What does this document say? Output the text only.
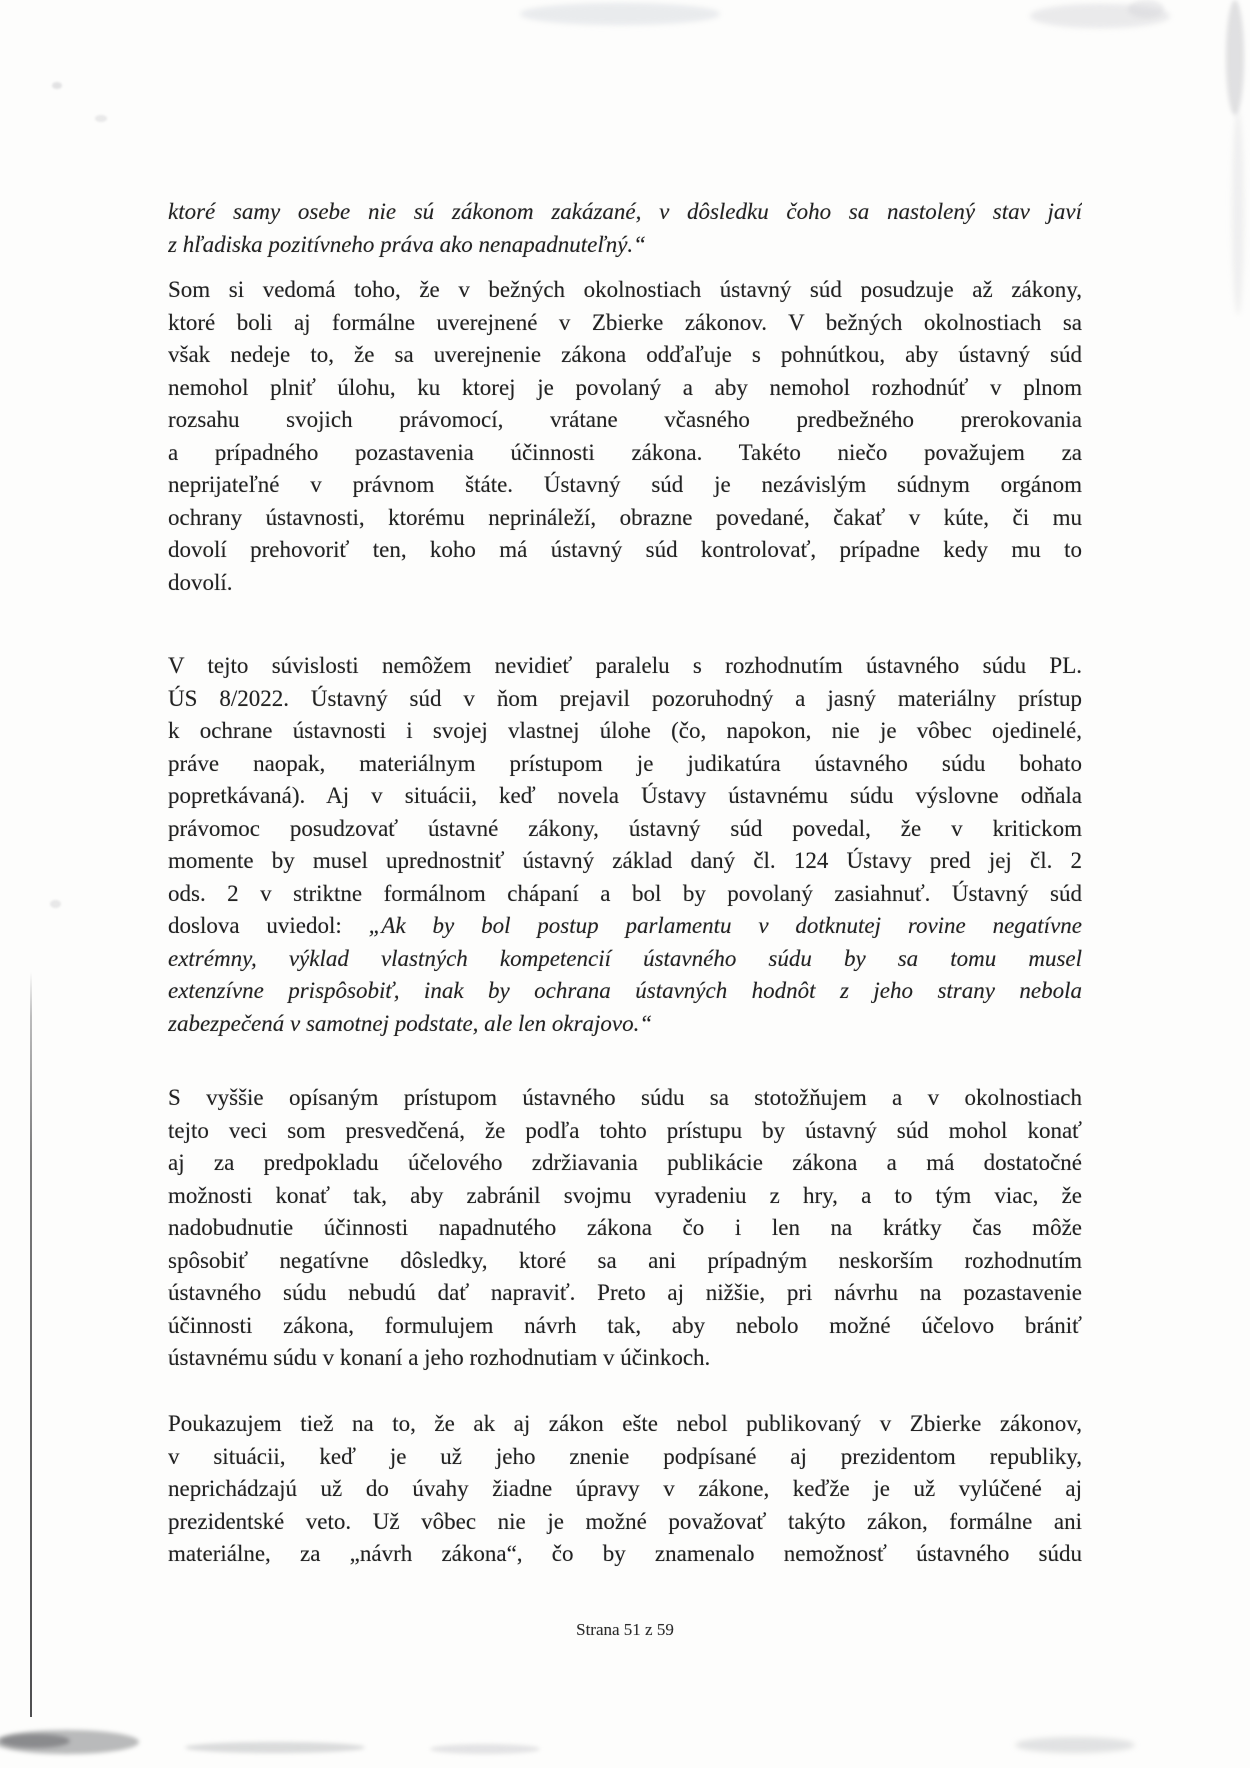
ktoré samy osebe nie sú zákonom zakázané, v dôsledku čoho sa nastolený stav javí
z hľadiska pozitívneho práva ako nenapadnuteľný.“
Som si vedomá toho, že v bežných okolnostiach ústavný súd posudzuje až zákony,
ktoré boli aj formálne uverejnené v Zbierke zákonov. V bežných okolnostiach sa
však nedeje to, že sa uverejnenie zákona odďaľuje s pohnútkou, aby ústavný súd
nemohol plniť úlohu, ku ktorej je povolaný a aby nemohol rozhodnúť v plnom
rozsahu svojich právomocí, vrátane včasného predbežného prerokovania
a prípadného pozastavenia účinnosti zákona. Takéto niečo považujem za
neprijateľné v právnom štáte. Ústavný súd je nezávislým súdnym orgánom
ochrany ústavnosti, ktorému neprináleží, obrazne povedané, čakať v kúte, či mu
dovolí prehovoriť ten, koho má ústavný súd kontrolovať, prípadne kedy mu to
dovolí.
V tejto súvislosti nemôžem nevidieť paralelu s rozhodnutím ústavného súdu PL.
ÚS 8/2022. Ústavný súd v ňom prejavil pozoruhodný a jasný materiálny prístup
k ochrane ústavnosti i svojej vlastnej úlohe (čo, napokon, nie je vôbec ojedinelé,
práve naopak, materiálnym prístupom je judikatúra ústavného súdu bohato
popretkávaná). Aj v situácii, keď novela Ústavy ústavnému súdu výslovne odňala
právomoc posudzovať ústavné zákony, ústavný súd povedal, že v kritickom
momente by musel uprednostniť ústavný základ daný čl. 124 Ústavy pred jej čl. 2
ods. 2 v striktne formálnom chápaní a bol by povolaný zasiahnuť. Ústavný súd
doslova uviedol: „Ak by bol postup parlamentu v dotknutej rovine negatívne
extrémny, výklad vlastných kompetencií ústavného súdu by sa tomu musel
extenzívne prispôsobiť, inak by ochrana ústavných hodnôt z jeho strany nebola
zabezpečená v samotnej podstate, ale len okrajovo.“
S vyššie opísaným prístupom ústavného súdu sa stotožňujem a v okolnostiach
tejto veci som presvedčená, že podľa tohto prístupu by ústavný súd mohol konať
aj za predpokladu účelového zdržiavania publikácie zákona a má dostatočné
možnosti konať tak, aby zabránil svojmu vyradeniu z hry, a to tým viac, že
nadobudnutie účinnosti napadnutého zákona čo i len na krátky čas môže
spôsobiť negatívne dôsledky, ktoré sa ani prípadným neskorším rozhodnutím
ústavného súdu nebudú dať napraviť. Preto aj nižšie, pri návrhu na pozastavenie
účinnosti zákona, formulujem návrh tak, aby nebolo možné účelovo brániť
ústavnému súdu v konaní a jeho rozhodnutiam v účinkoch.
Poukazujem tiež na to, že ak aj zákon ešte nebol publikovaný v Zbierke zákonov,
v situácii, keď je už jeho znenie podpísané aj prezidentom republiky,
neprichádzajú už do úvahy žiadne úpravy v zákone, keďže je už vylúčené aj
prezidentské veto. Už vôbec nie je možné považovať takýto zákon, formálne ani
materiálne, za „návrh zákona“, čo by znamenalo nemožnosť ústavného súdu
Strana 51 z 59
